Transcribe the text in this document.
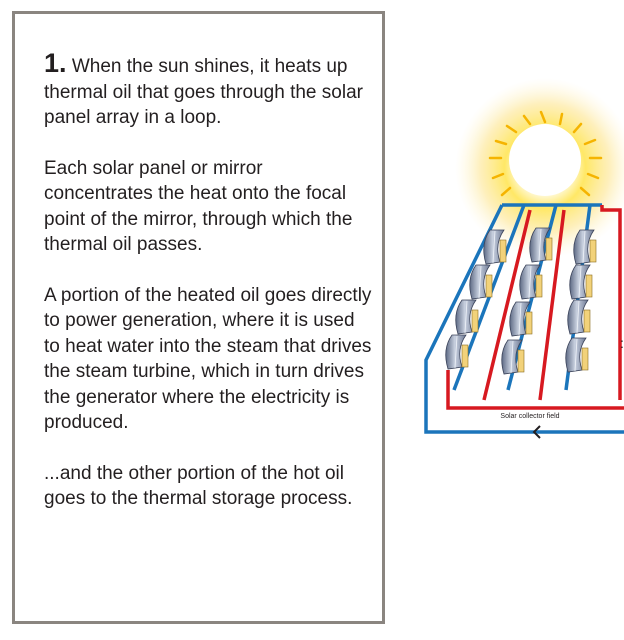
1. When the sun shines, it heats up thermal oil that goes through the solar panel array in a loop.

Each solar panel or mirror concentrates the heat onto the focal point of the mirror, through which the thermal oil passes.

A portion of the heated oil goes directly to power generation, where it is used to heat water into the steam that drives the steam turbine, which in turn drives the generator where the electricity is produced.

...and the other portion of the hot oil goes to the thermal storage process.

:
Solar collector field
